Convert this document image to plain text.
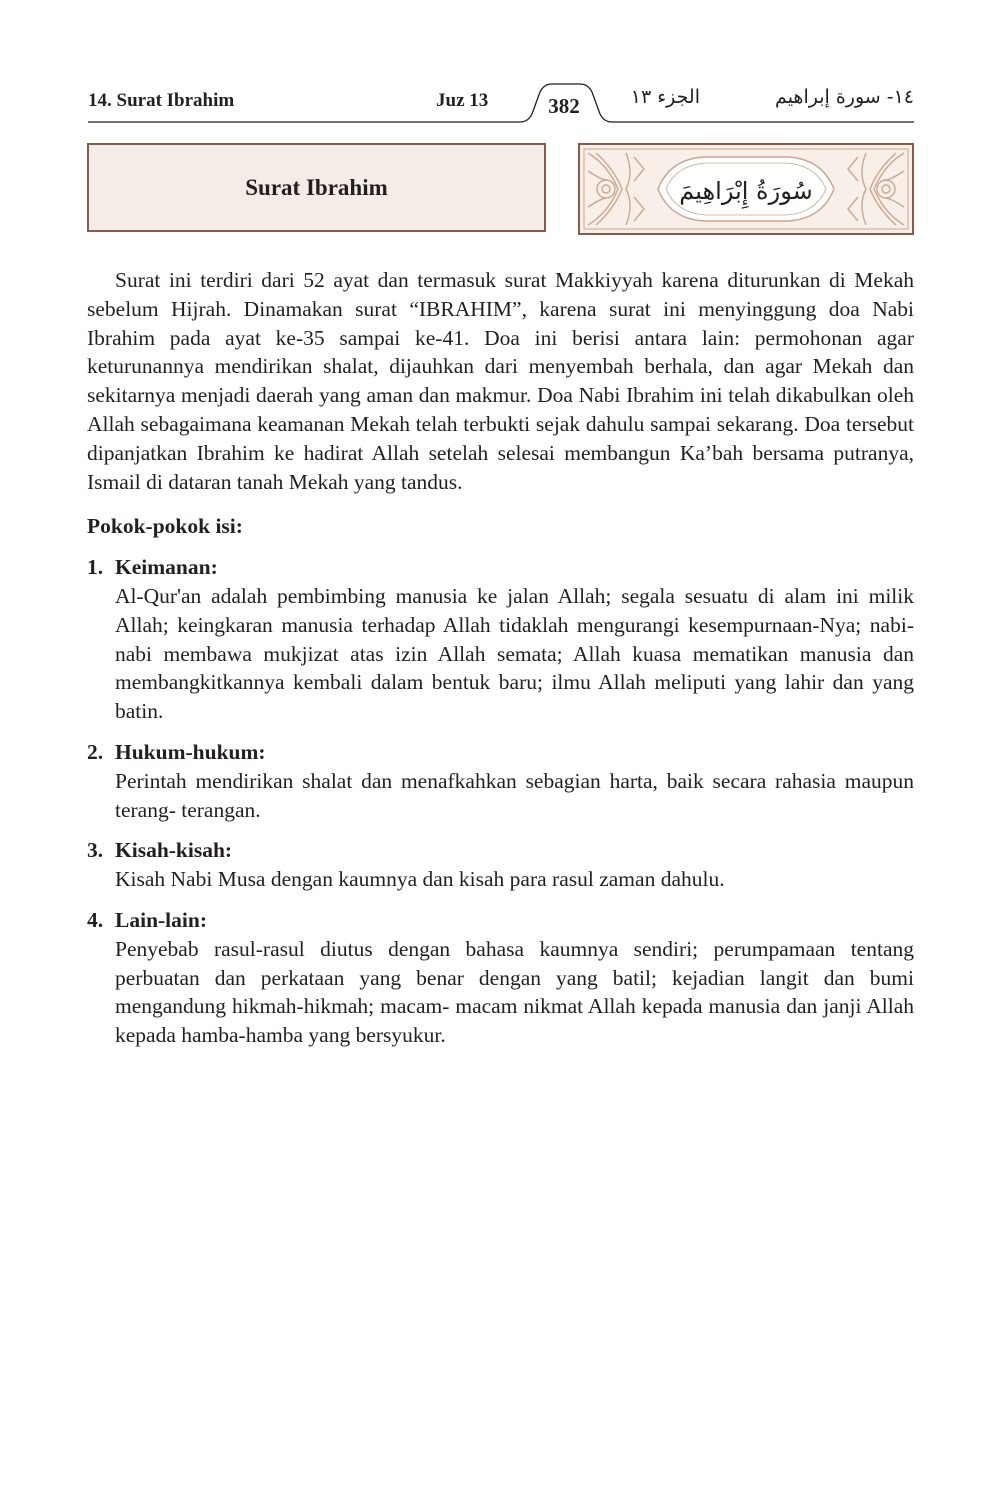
14. Surat Ibrahim	Juz 13	382	الجزء ١٣	١٤- سورة إبراهيم
Surat Ibrahim	سُورَةُ إِبْرَاهِيمَ

Surat ini terdiri dari 52 ayat dan termasuk surat Makkiyyah karena diturunkan di Mekah sebelum Hijrah. Dinamakan surat “IBRAHIM”, karena surat ini menyinggung doa Nabi Ibrahim pada ayat ke-35 sampai ke-41. Doa ini berisi antara lain: permohonan agar keturunannya mendirikan shalat, dijauhkan dari menyembah berhala, dan agar Mekah dan sekitarnya menjadi daerah yang aman dan makmur. Doa Nabi Ibrahim ini telah dikabulkan oleh Allah sebagaimana keamanan Mekah telah terbukti sejak dahulu sampai sekarang. Doa tersebut dipanjatkan Ibrahim ke hadirat Allah setelah selesai membangun Ka’bah bersama putranya, Ismail di dataran tanah Mekah yang tandus.

Pokok-pokok isi:
1. Keimanan:

Al-Qur'an adalah pembimbing manusia ke jalan Allah; segala sesuatu di alam ini milik Allah; keingkaran manusia terhadap Allah tidaklah mengurangi kesempurnaan-Nya; nabi-nabi membawa mukjizat atas izin Allah semata; Allah kuasa mematikan manusia dan membangkitkannya kembali dalam bentuk baru; ilmu Allah meliputi yang lahir dan yang batin.

2. Hukum-hukum:

Perintah mendirikan shalat dan menafkahkan sebagian harta, baik secara rahasia maupun terang- terangan.

3. Kisah-kisah:

Kisah Nabi Musa dengan kaumnya dan kisah para rasul zaman dahulu.

4. Lain-lain:

Penyebab rasul-rasul diutus dengan bahasa kaumnya sendiri; perumpamaan tentang perbuatan dan perkataan yang benar dengan yang batil; kejadian langit dan bumi mengandung hikmah-hikmah; macam- macam nikmat Allah kepada manusia dan janji Allah kepada hamba-hamba yang bersyukur.
